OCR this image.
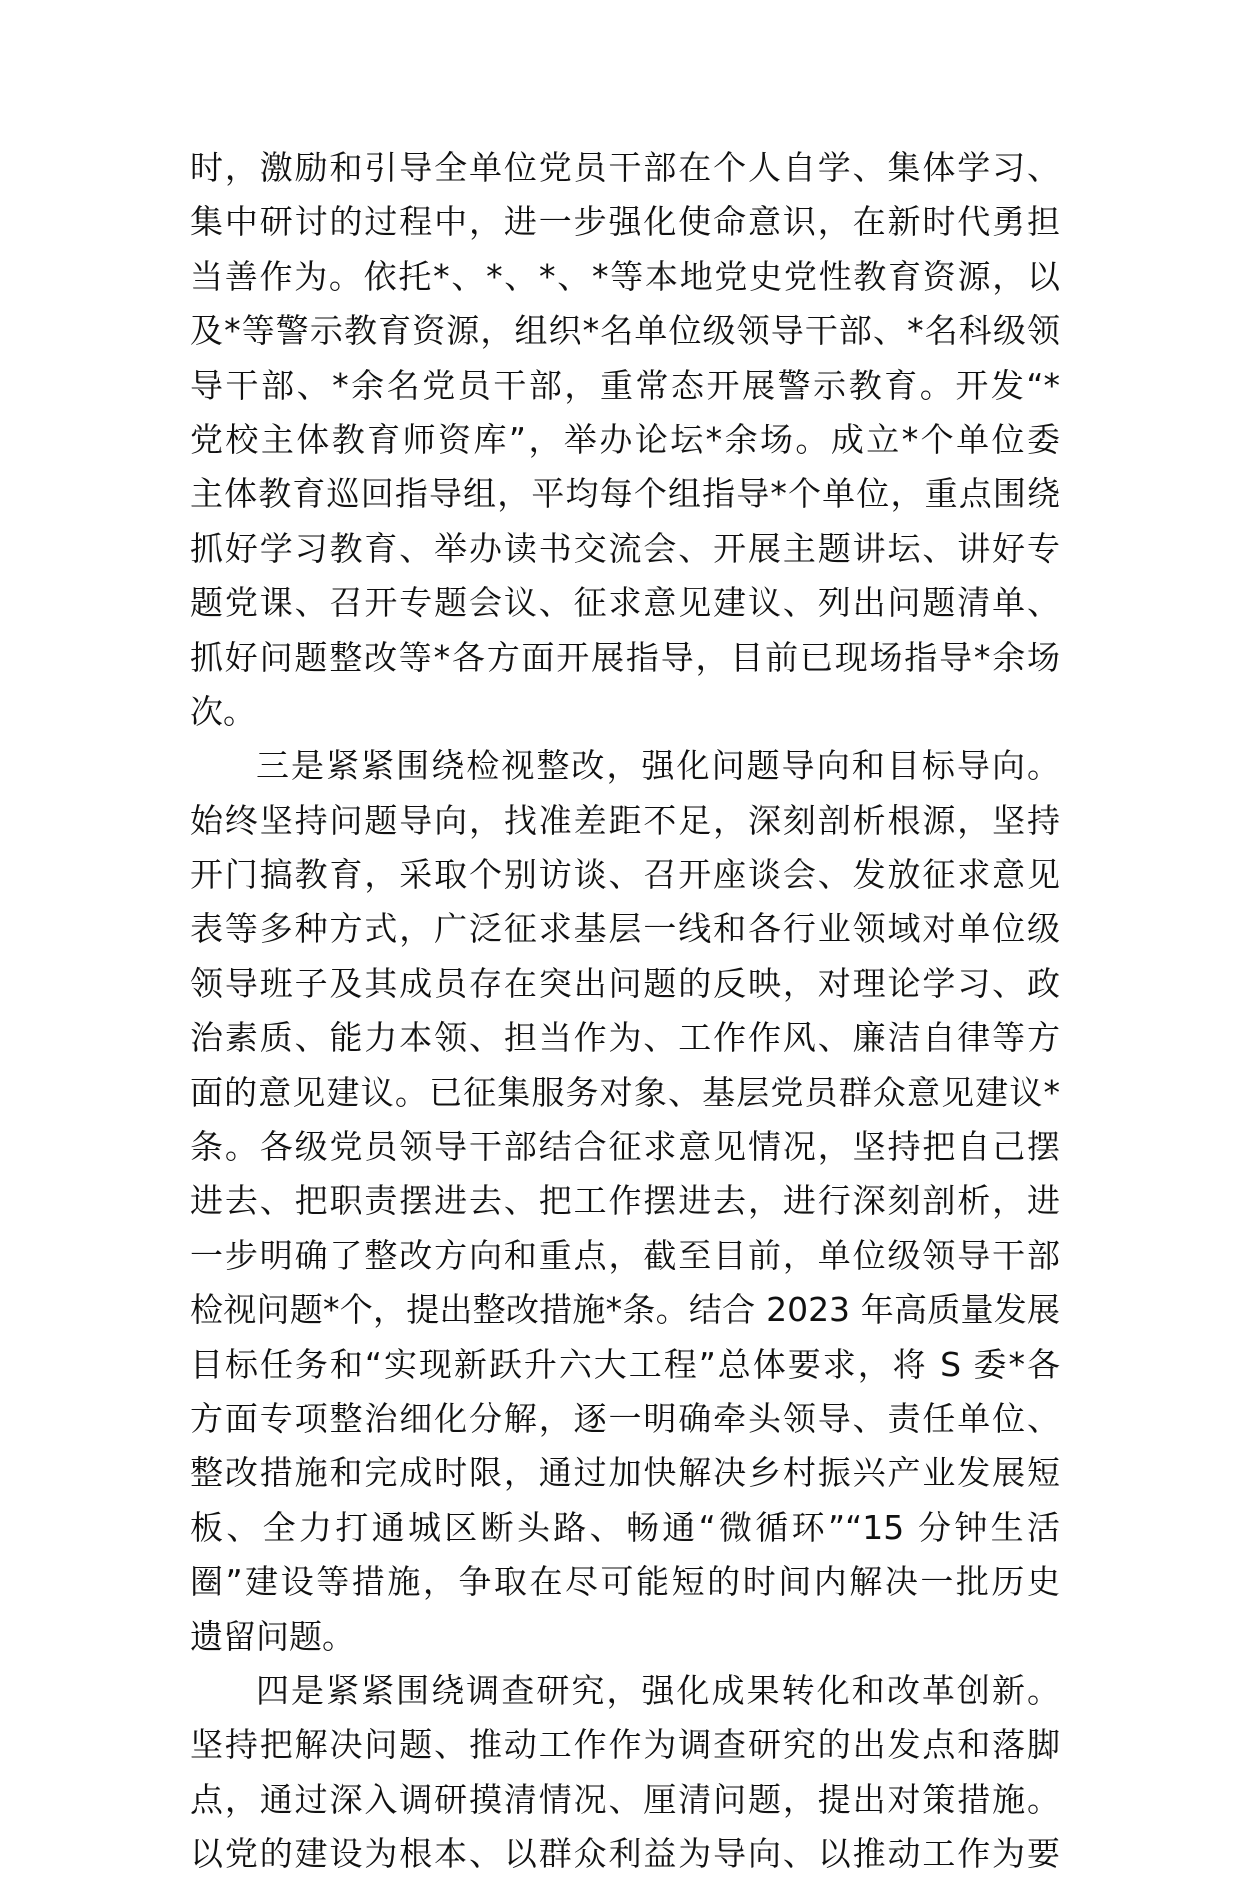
时，激励和引导全单位党员干部在个人自学、集体学习、
集中研讨的过程中，进一步强化使命意识，在新时代勇担
当善作为。依托*、*、*、*等本地党史党性教育资源，以
及*等警示教育资源，组织*名单位级领导干部、*名科级领
导干部、*余名党员干部，重常态开展警示教育。开发“*
党校主体教育师资库”，举办论坛*余场。成立*个单位委
主体教育巡回指导组，平均每个组指导*个单位，重点围绕
抓好学习教育、举办读书交流会、开展主题讲坛、讲好专
题党课、召开专题会议、征求意见建议、列出问题清单、
抓好问题整改等*各方面开展指导，目前已现场指导*余场
次。
三是紧紧围绕检视整改，强化问题导向和目标导向。
始终坚持问题导向，找准差距不足，深刻剖析根源，坚持
开门搞教育，采取个别访谈、召开座谈会、发放征求意见
表等多种方式，广泛征求基层一线和各行业领域对单位级
领导班子及其成员存在突出问题的反映，对理论学习、政
治素质、能力本领、担当作为、工作作风、廉洁自律等方
面的意见建议。已征集服务对象、基层党员群众意见建议*
条。各级党员领导干部结合征求意见情况，坚持把自己摆
进去、把职责摆进去、把工作摆进去，进行深刻剖析，进
一步明确了整改方向和重点，截至目前，单位级领导干部
检视问题*个，提出整改措施*条。结合 2023 年高质量发展
目标任务和“实现新跃升六大工程”总体要求，将 S 委*各
方面专项整治细化分解，逐一明确牵头领导、责任单位、
整改措施和完成时限，通过加快解决乡村振兴产业发展短
板、全力打通城区断头路、畅通“微循环”“15 分钟生活
圈”建设等措施，争取在尽可能短的时间内解决一批历史
遗留问题。
四是紧紧围绕调查研究，强化成果转化和改革创新。
坚持把解决问题、推动工作作为调查研究的出发点和落脚
点，通过深入调研摸清情况、厘清问题，提出对策措施。
以党的建设为根本、以群众利益为导向、以推动工作为要
